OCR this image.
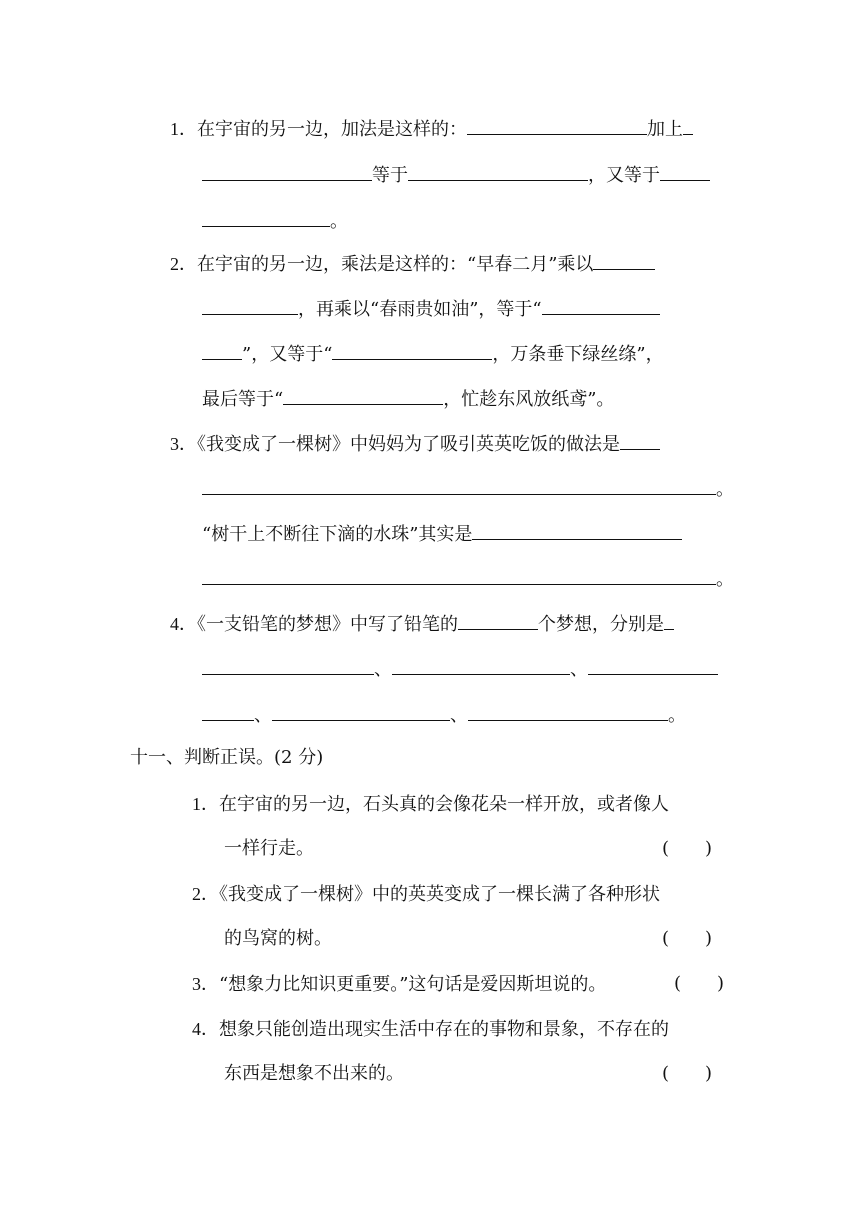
1．在宇宙的另一边，加法是这样的：	加上
等于	，又等于
。
2．在宇宙的另一边，乘法是这样的：“早春二月”乘以
，再乘以“春雨贵如油”，等于“
”，又等于“	，万条垂下绿丝绦”，
最后等于“	，忙趁东风放纸鸢”。
3．《我变成了一棵树》中妈妈为了吸引英英吃饭的做法是
。
“树干上不断往下滴的水珠”其实是
。
4．《一支铅笔的梦想》中写了铅笔的	个梦想，分别是
、	、
、	、	。
十一、判断正误。(2 分)
1．在宇宙的另一边，石头真的会像花朵一样开放，或者像人
一样行走。	(　　)
2．《我变成了一棵树》中的英英变成了一棵长满了各种形状
的鸟窝的树。	(　　)
3．“想象力比知识更重要。”这句话是爱因斯坦说的。	(　　)
4．想象只能创造出现实生活中存在的事物和景象，不存在的
东西是想象不出来的。	(　　)
